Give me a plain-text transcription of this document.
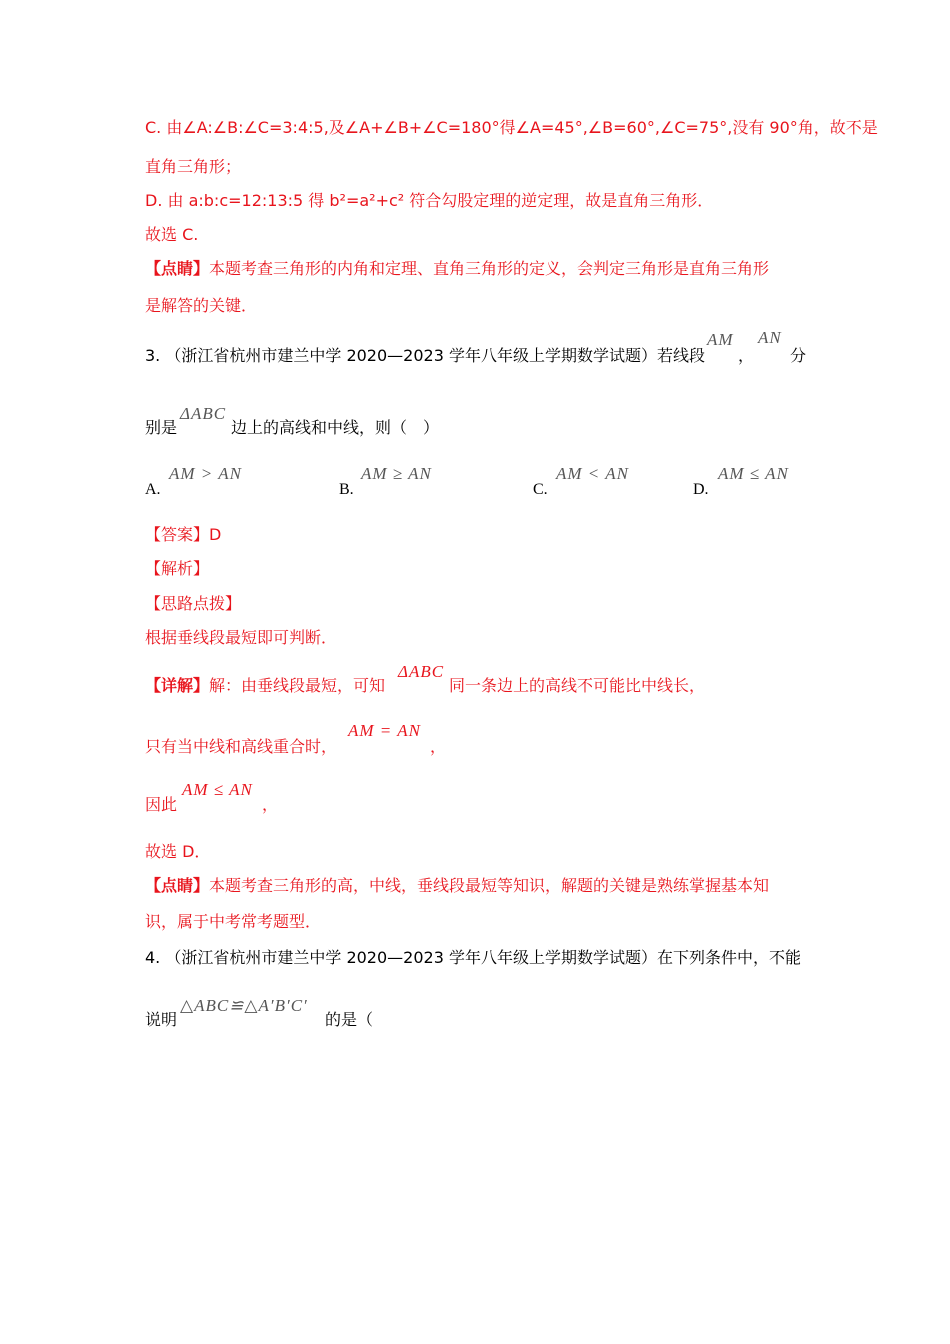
C. 由∠A:∠B:∠C=3:4:5,及∠A+∠B+∠C=180°得∠A=45°,∠B=60°,∠C=75°,没有 90°角，故不是
直角三角形；
D. 由 a:b:c=12:13:5 得 b²=a²+c² 符合勾股定理的逆定理，故是直角三角形．
故选 C.
【点睛】本题考查三角形的内角和定理、直角三角形的定义，会判定三角形是直角三角形
是解答的关键．
3. （浙江省杭州市建兰中学 2020—2023 学年八年级上学期数学试题）若线段
AM
，
AN
分
别是
ΔABC
边上的高线和中线，则（　）
A.
AM > AN
B.
AM ≥ AN
C.
AM < AN
D.
AM ≤ AN
【答案】D
【解析】
【思路点拨】
根据垂线段最短即可判断．
【详解】解：由垂线段最短，可知
ΔABC
同一条边上的高线不可能比中线长，
只有当中线和高线重合时，
AM = AN
，
因此
AM ≤ AN
，
故选 D．
【点睛】本题考查三角形的高，中线，垂线段最短等知识，解题的关键是熟练掌握基本知
识，属于中考常考题型．
4. （浙江省杭州市建兰中学 2020—2023 学年八年级上学期数学试题）在下列条件中，不能
说明
△ABC≌△A′B′C′
的是（
